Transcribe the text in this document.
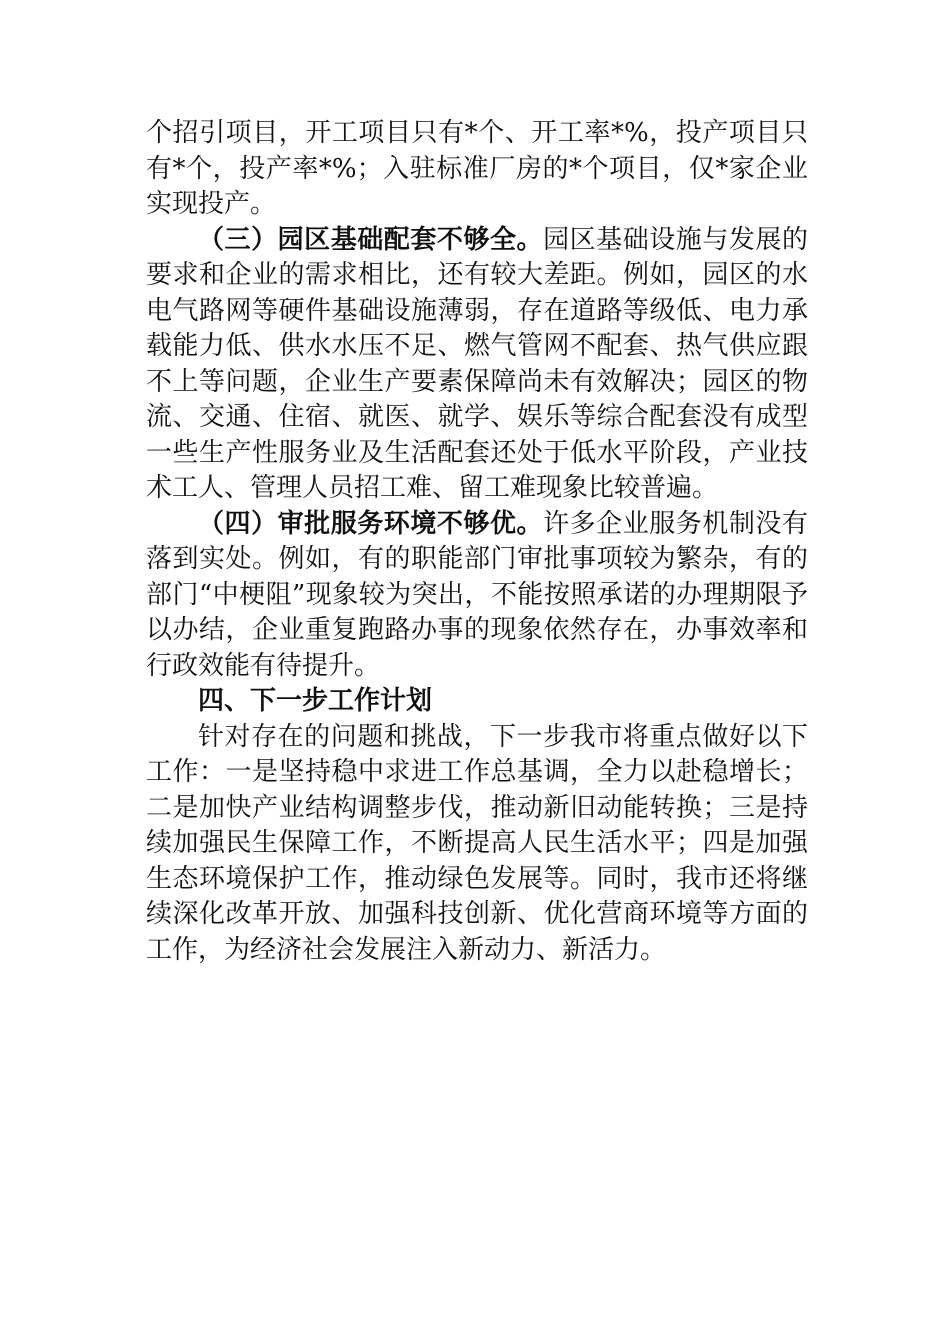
个招引项目，开工项目只有*个、开工率*%，投产项目只有*个，投产率*%；入驻标准厂房的*个项目，仅*家企业实现投产。

（三）园区基础配套不够全。园区基础设施与发展的要求和企业的需求相比，还有较大差距。例如，园区的水电气路网等硬件基础设施薄弱，存在道路等级低、电力承载能力低、供水水压不足、燃气管网不配套、热气供应跟不上等问题，企业生产要素保障尚未有效解决；园区的物流、交通、住宿、就医、就学、娱乐等综合配套没有成型一些生产性服务业及生活配套还处于低水平阶段，产业技术工人、管理人员招工难、留工难现象比较普遍。

（四）审批服务环境不够优。许多企业服务机制没有落到实处。例如，有的职能部门审批事项较为繁杂，有的部门“中梗阻”现象较为突出，不能按照承诺的办理期限予以办结，企业重复跑路办事的现象依然存在，办事效率和行政效能有待提升。

四、下一步工作计划

针对存在的问题和挑战，下一步我市将重点做好以下工作：一是坚持稳中求进工作总基调，全力以赴稳增长；二是加快产业结构调整步伐，推动新旧动能转换；三是持续加强民生保障工作，不断提高人民生活水平；四是加强生态环境保护工作，推动绿色发展等。同时，我市还将继续深化改革开放、加强科技创新、优化营商环境等方面的工作，为经济社会发展注入新动力、新活力。
